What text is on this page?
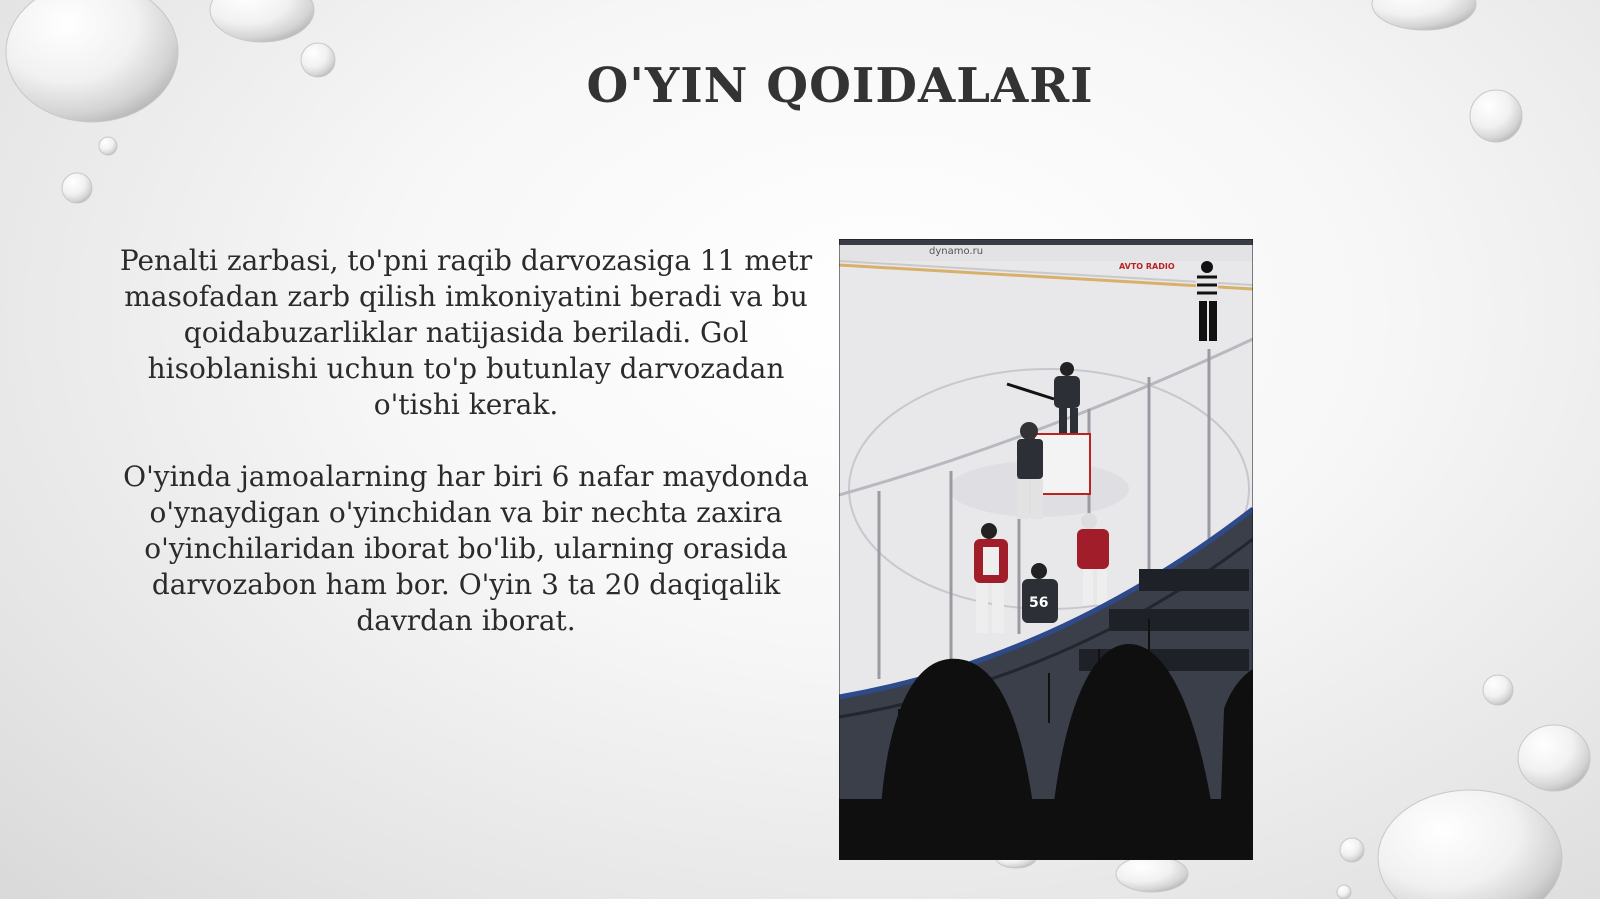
O'YIN QOIDALARI

Penalti zarbasi, to'pni raqib darvozasiga 11 metr masofadan zarb qilish imkoniyatini beradi va bu qoidabuzarliklar natijasida beriladi. Gol hisoblanishi uchun to'p butunlay darvozadan o'tishi kerak.

O'yinda jamoalarning har biri 6 nafar maydonda o'ynaydigan o'yinchidan va bir nechta zaxira o'yinchilaridan iborat bo'lib, ularning orasida darvozabon ham bor. O'yin 3 ta 20 daqiqalik davrdan iborat.

dynamo.ru
AVTO RADIO
56
